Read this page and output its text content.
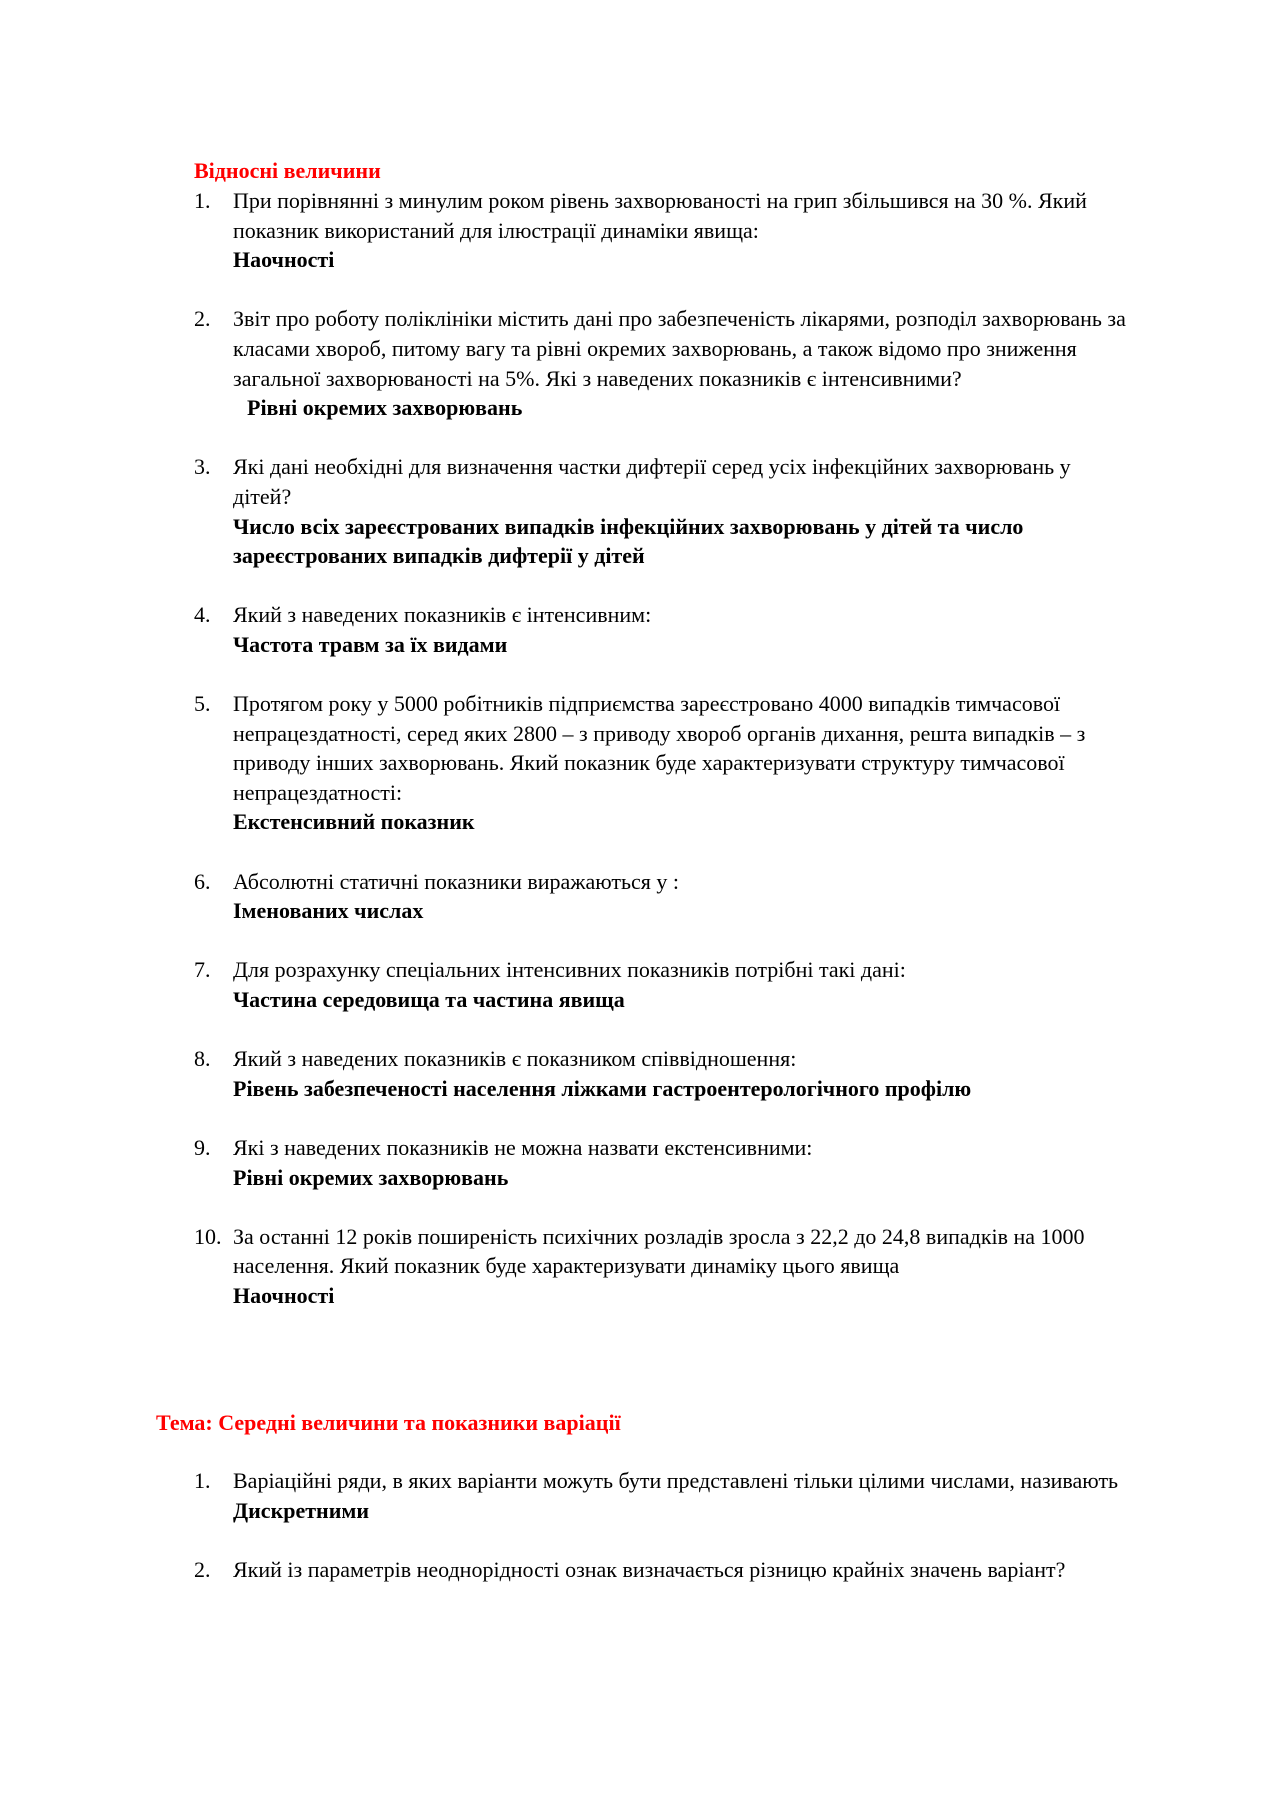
Відносні величини
1. При порівнянні з минулим роком рівень захворюваності на грип збільшився на 30 %. Який показник використаний для ілюстрації динаміки явища:
Наочності
2. Звіт про роботу поліклініки містить дані про забезпеченість лікарями, розподіл захворювань за класами хвороб, питому вагу та рівні окремих захворювань, а також відомо про зниження загальної захворюваності на 5%. Які з наведених показників є інтенсивними?
Рівні окремих захворювань
3. Які дані необхідні для визначення частки дифтерії серед усіх інфекційних захворювань у дітей?
Число всіх зареєстрованих випадків інфекційних захворювань у дітей та число зареєстрованих випадків дифтерії у дітей
4. Який з наведених показників є інтенсивним:
Частота травм за їх видами
5. Протягом року у 5000 робітників підприємства зареєстровано 4000 випадків тимчасової непрацездатності, серед яких 2800 – з приводу хвороб органів дихання, решта випадків – з приводу інших захворювань. Який показник буде характеризувати структуру тимчасової непрацездатності:
Екстенсивний показник
6. Абсолютні статичні показники виражаються у :
Іменованих числах
7. Для розрахунку спеціальних інтенсивних показників потрібні такі дані:
Частина середовища та частина явища
8. Який з наведених показників є показником співвідношення:
Рівень забезпеченості населення ліжками гастроентерологічного профілю
9. Які з наведених показників не можна назвати екстенсивними:
Рівні окремих захворювань
10. За останні 12 років поширеність психічних розладів зросла з 22,2 до 24,8 випадків на 1000 населення. Який показник буде характеризувати динаміку цього явища
Наочності
Тема: Середні величини та показники варіації
1. Варіаційні ряди, в яких варіанти можуть бути представлені тільки цілими числами, називають
Дискретними
2. Який із параметрів неоднорідності ознак визначається різницю крайніх значень варіант?
